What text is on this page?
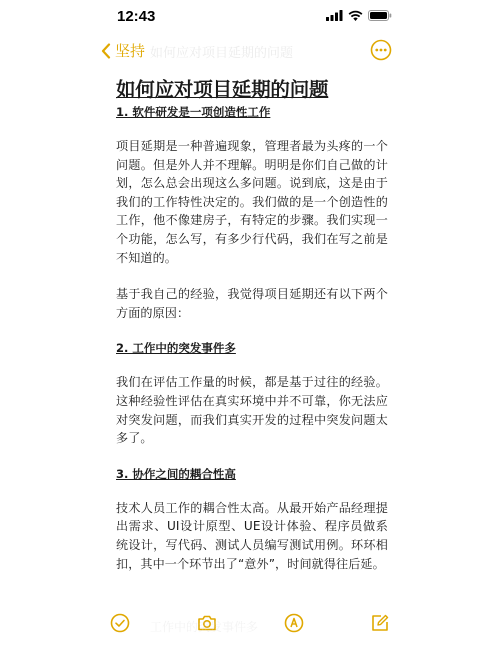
12:43
坚持 如何应对项目延期的问题
如何应对项目延期的问题

1. 软件研发是一项创造性工作

项目延期是一种普遍现象，管理者最为头疼的一个问题。但是外人并不理解。明明是你们自己做的计划，怎么总会出现这么多问题。说到底，这是由于我们的工作特性决定的。我们做的是一个创造性的工作，他不像建房子，有特定的步骤。我们实现一个功能，怎么写，有多少行代码，我们在写之前是不知道的。

基于我自己的经验，我觉得项目延期还有以下两个方面的原因：

2. 工作中的突发事件多

我们在评估工作量的时候，都是基于过往的经验。这种经验性评估在真实环境中并不可靠，你无法应对突发问题，而我们真实开发的过程中突发问题太多了。

3. 协作之间的耦合性高

技术人员工作的耦合性太高。从最开始产品经理提出需求、UI设计原型、UE设计体验、程序员做系统设计，写代码、测试人员编写测试用例。环环相扣，其中一个环节出了“意外”，时间就得往后延。

工作中的突发事件多
